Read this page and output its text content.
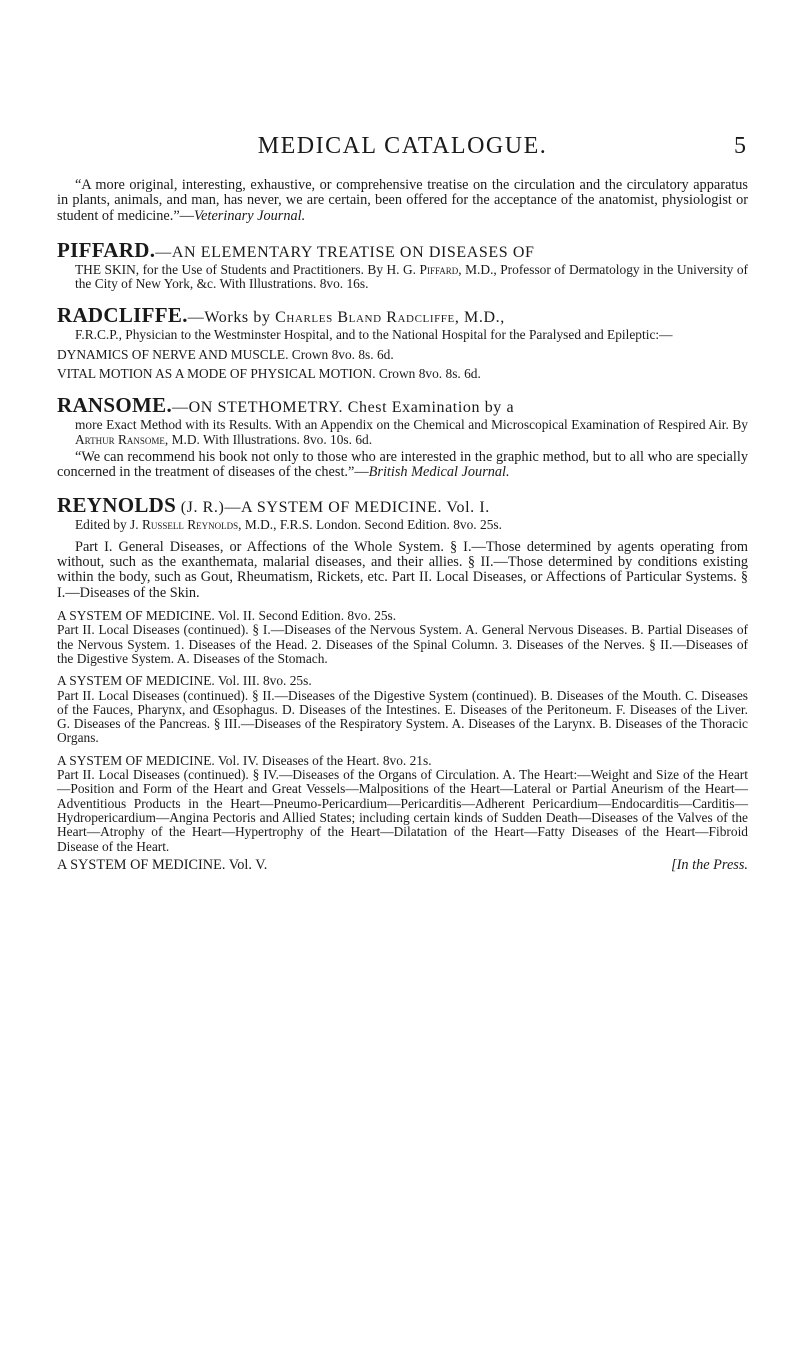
MEDICAL CATALOGUE.	5

“A more original, interesting, exhaustive, or comprehensive treatise on the circulation and the circulatory apparatus in plants, animals, and man, has never, we are certain, been offered for the acceptance of the anatomist, physiologist or student of medicine.”—Veterinary Journal.

PIFFARD.—AN ELEMENTARY TREATISE ON DISEASES OF

THE SKIN, for the Use of Students and Practitioners. By H. G. Piffard, M.D., Professor of Dermatology in the University of the City of New York, &c. With Illustrations. 8vo. 16s.

RADCLIFFE.—Works by Charles Bland Radcliffe, M.D.,

F.R.C.P., Physician to the Westminster Hospital, and to the National Hospital for the Paralysed and Epileptic:—

DYNAMICS OF NERVE AND MUSCLE. Crown 8vo. 8s. 6d.

VITAL MOTION AS A MODE OF PHYSICAL MOTION. Crown 8vo. 8s. 6d.

RANSOME.—ON STETHOMETRY. Chest Examination by a

more Exact Method with its Results. With an Appendix on the Chemical and Microscopical Examination of Respired Air. By Arthur Ransome, M.D. With Illustrations. 8vo. 10s. 6d.

“We can recommend his book not only to those who are interested in the graphic method, but to all who are specially concerned in the treatment of diseases of the chest.”—British Medical Journal.

REYNOLDS (J. R.)—A SYSTEM OF MEDICINE. Vol. I.

Edited by J. Russell Reynolds, M.D., F.R.S. London. Second Edition. 8vo. 25s.

Part I. General Diseases, or Affections of the Whole System. § I.—Those determined by agents operating from without, such as the exanthemata, malarial diseases, and their allies. § II.—Those determined by conditions existing within the body, such as Gout, Rheumatism, Rickets, etc. Part II. Local Diseases, or Affections of Particular Systems. § I.—Diseases of the Skin.

A SYSTEM OF MEDICINE. Vol. II. Second Edition. 8vo. 25s.

Part II. Local Diseases (continued). § I.—Diseases of the Nervous System. A. General Nervous Diseases. B. Partial Diseases of the Nervous System. 1. Diseases of the Head. 2. Diseases of the Spinal Column. 3. Diseases of the Nerves. § II.—Diseases of the Digestive System. A. Diseases of the Stomach.

A SYSTEM OF MEDICINE. Vol. III. 8vo. 25s.

Part II. Local Diseases (continued). § II.—Diseases of the Digestive System (continued). B. Diseases of the Mouth. C. Diseases of the Fauces, Pharynx, and Œsophagus. D. Diseases of the Intestines. E. Diseases of the Peritoneum. F. Diseases of the Liver. G. Diseases of the Pancreas. § III.—Diseases of the Respiratory System. A. Diseases of the Larynx. B. Diseases of the Thoracic Organs.

A SYSTEM OF MEDICINE. Vol. IV. Diseases of the Heart. 8vo. 21s.

Part II. Local Diseases (continued). § IV.—Diseases of the Organs of Circulation. A. The Heart:—Weight and Size of the Heart—Position and Form of the Heart and Great Vessels—Malpositions of the Heart—Lateral or Partial Aneurism of the Heart—Adventitious Products in the Heart—Pneumo-Pericardium—Pericarditis—Adherent Pericardium—Endocarditis—Carditis—Hydropericardium—Angina Pectoris and Allied States; including certain kinds of Sudden Death—Diseases of the Valves of the Heart—Atrophy of the Heart—Hypertrophy of the Heart—Dilatation of the Heart—Fatty Diseases of the Heart—Fibroid Disease of the Heart.

A SYSTEM OF MEDICINE. Vol. V.	[In the Press.
